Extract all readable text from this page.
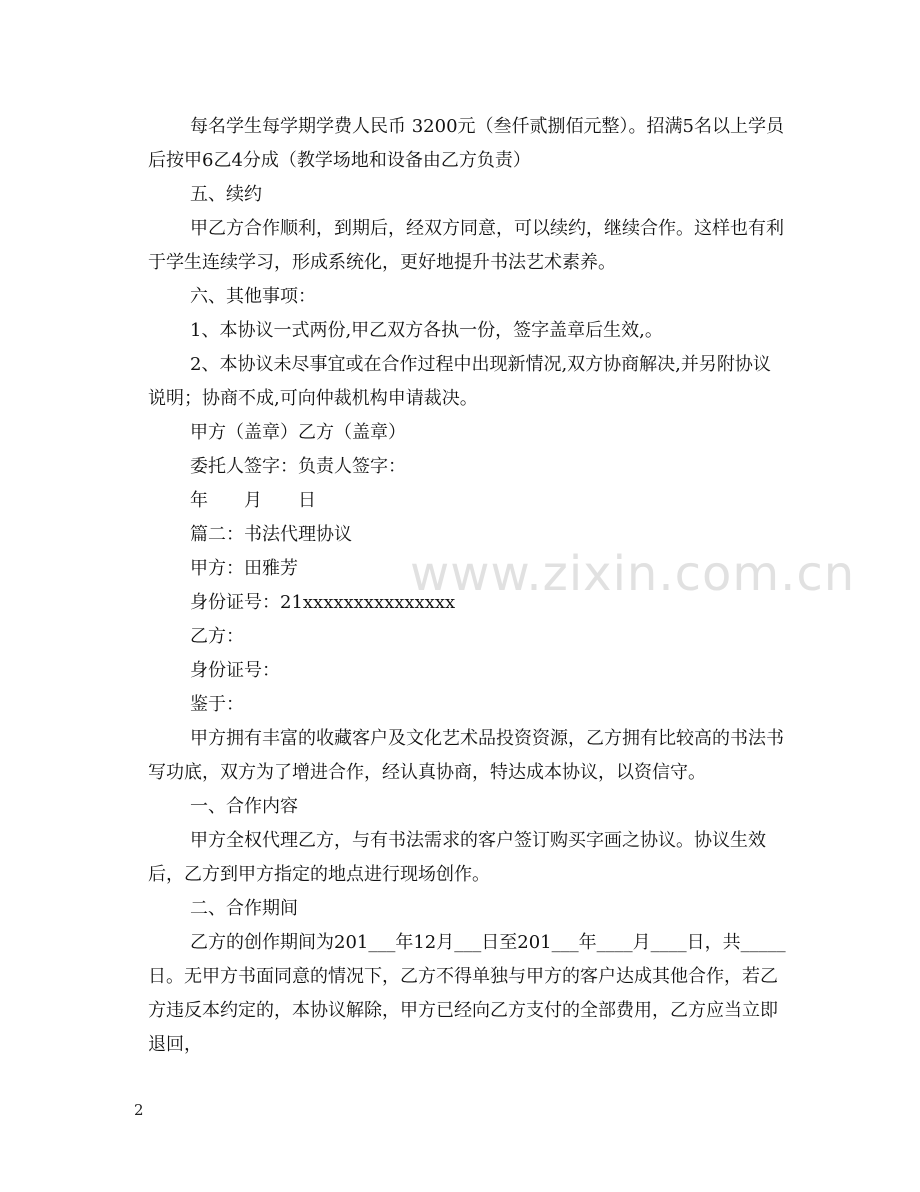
每名学生每学期学费人民币 3200元（叁仟贰捌佰元整）。招满5名以上学员后按甲6乙4分成（教学场地和设备由乙方负责）

五、续约

甲乙方合作顺利，到期后，经双方同意，可以续约，继续合作。这样也有利于学生连续学习，形成系统化，更好地提升书法艺术素养。

六、其他事项：

1、本协议一式两份,甲乙双方各执一份，签字盖章后生效,。

2、本协议未尽事宜或在合作过程中出现新情况,双方协商解决,并另附协议说明；协商不成,可向仲裁机构申请裁决。

甲方（盖章）乙方（盖章）

委托人签字：负责人签字：

年　　月　　日

篇二：书法代理协议

甲方：田雅芳

身份证号：21xxxxxxxxxxxxxxx

乙方：

身份证号：

鉴于：

甲方拥有丰富的收藏客户及文化艺术品投资资源，乙方拥有比较高的书法书写功底，双方为了增进合作，经认真协商，特达成本协议，以资信守。

一、合作内容

甲方全权代理乙方，与有书法需求的客户签订购买字画之协议。协议生效后，乙方到甲方指定的地点进行现场创作。

二、合作期间

乙方的创作期间为201___年12月___日至201___年____月____日，共_____日。无甲方书面同意的情况下，乙方不得单独与甲方的客户达成其他合作，若乙方违反本约定的，本协议解除，甲方已经向乙方支付的全部费用，乙方应当立即退回，

www.zixin.com.cn
2
